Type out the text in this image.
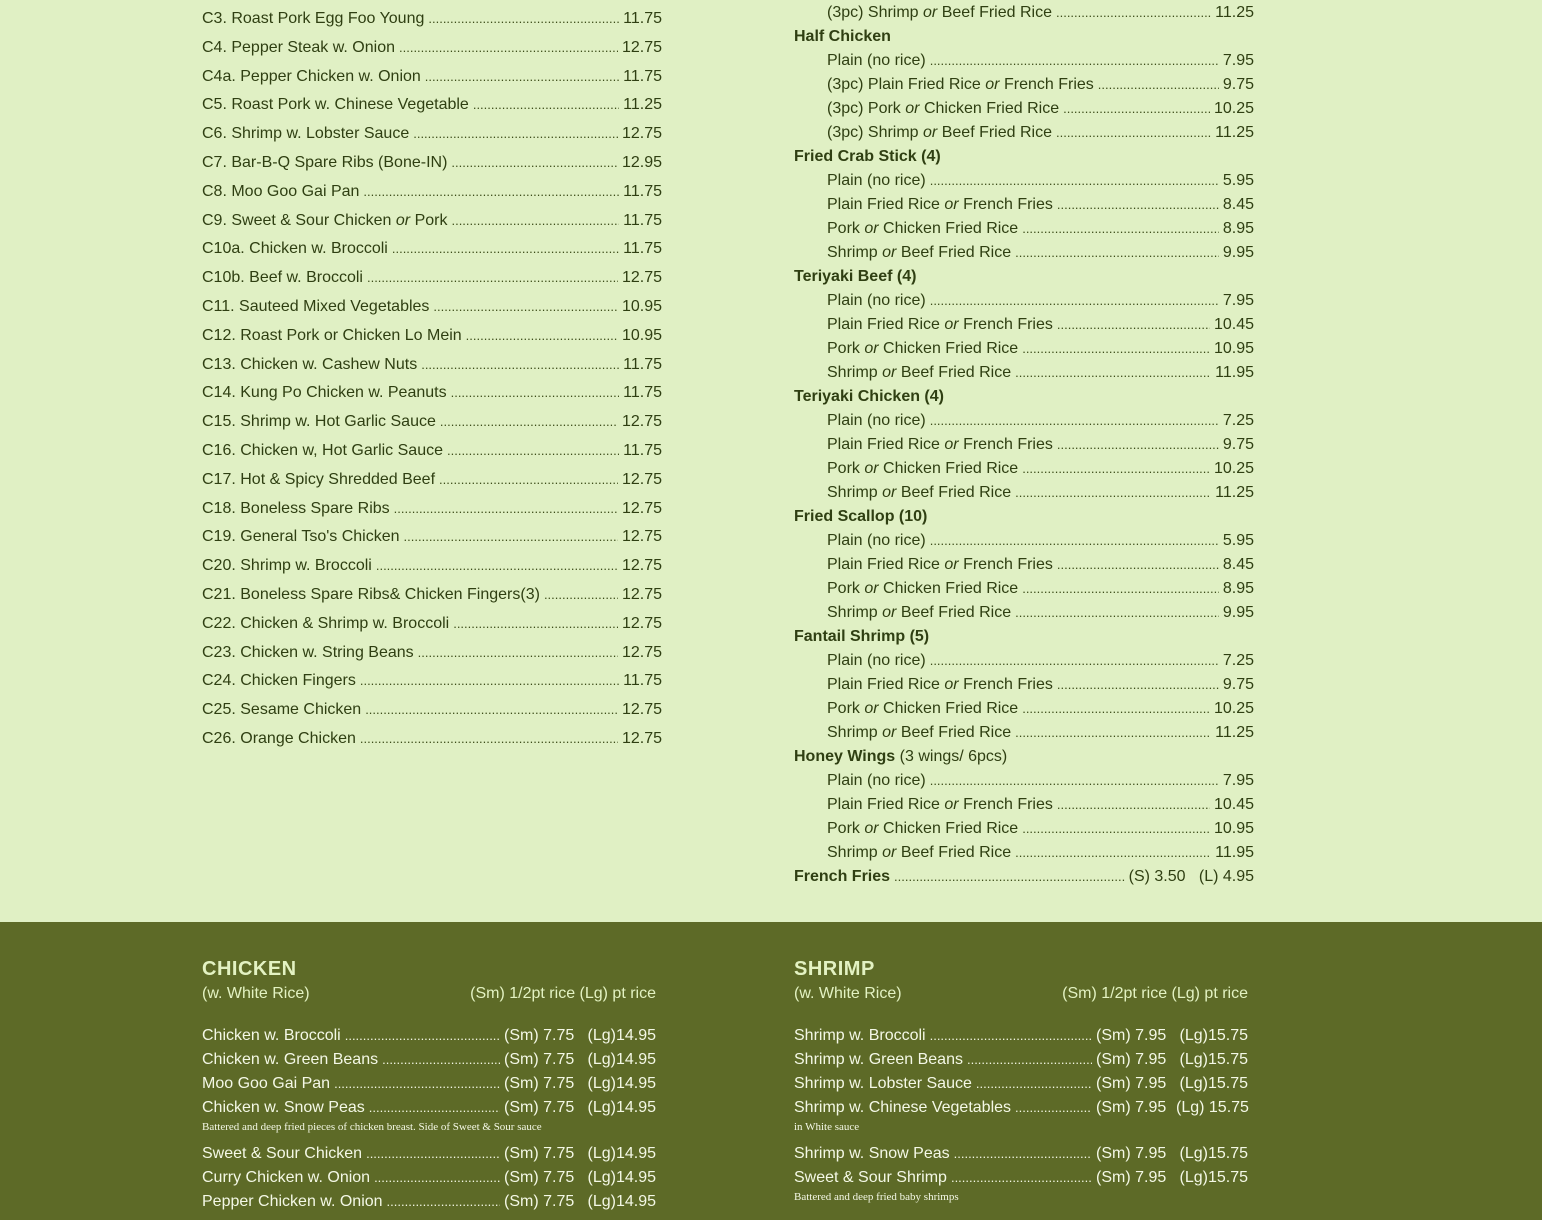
C3. Roast Pork Egg Foo Young .....	11.75
C4. Pepper Steak w. Onion .....	12.75
C4a. Pepper Chicken w. Onion .....	11.75
C5. Roast Pork w. Chinese Vegetable .....	11.25
C6. Shrimp w. Lobster Sauce .....	12.75
C7. Bar-B-Q Spare Ribs (Bone-IN) .....	12.95
C8. Moo Goo Gai Pan .....	11.75
C9. Sweet & Sour Chicken or Pork .....	11.75
C10a. Chicken w. Broccoli .....	11.75
C10b. Beef w. Broccoli .....	12.75
C11. Sauteed Mixed Vegetables .....	10.95
C12. Roast Pork or Chicken Lo Mein .....	10.95
C13. Chicken w. Cashew Nuts .....	11.75
C14. Kung Po Chicken w. Peanuts .....	11.75
C15. Shrimp w. Hot Garlic Sauce .....	12.75
C16. Chicken w, Hot Garlic Sauce .....	11.75
C17. Hot & Spicy Shredded Beef .....	12.75
C18. Boneless Spare Ribs .....	12.75
C19. General Tso's Chicken .....	12.75
C20. Shrimp w. Broccoli .....	12.75
C21. Boneless Spare Ribs& Chicken Fingers(3) .....	12.75
C22. Chicken & Shrimp w. Broccoli .....	12.75
C23. Chicken w. String Beans .....	12.75
C24. Chicken Fingers .....	11.75
C25. Sesame Chicken .....	12.75
C26. Orange Chicken .....	12.75
(3pc) Shrimp or Beef Fried Rice .....	11.25
Half Chicken
Plain (no rice) .....	7.95
(3pc) Plain Fried Rice or French Fries .....	9.75
(3pc) Pork or Chicken Fried Rice .....	10.25
(3pc) Shrimp or Beef Fried Rice .....	11.25
Fried Crab Stick (4)
Plain (no rice) .....	5.95
Plain Fried Rice or French Fries .....	8.45
Pork or Chicken Fried Rice .....	8.95
Shrimp or Beef Fried Rice .....	9.95
Teriyaki Beef (4)
Plain (no rice) .....	7.95
Plain Fried Rice or French Fries .....	10.45
Pork or Chicken Fried Rice .....	10.95
Shrimp or Beef Fried Rice .....	11.95
Teriyaki Chicken (4)
Plain (no rice) .....	7.25
Plain Fried Rice or French Fries .....	9.75
Pork or Chicken Fried Rice .....	10.25
Shrimp or Beef Fried Rice .....	11.25
Fried Scallop (10)
Plain (no rice) .....	5.95
Plain Fried Rice or French Fries .....	8.45
Pork or Chicken Fried Rice .....	8.95
Shrimp or Beef Fried Rice .....	9.95
Fantail Shrimp (5)
Plain (no rice) .....	7.25
Plain Fried Rice or French Fries .....	9.75
Pork or Chicken Fried Rice .....	10.25
Shrimp or Beef Fried Rice .....	11.25
Honey Wings
(3 wings/ 6pcs)
Plain (no rice) .....	7.95
Plain Fried Rice or French Fries .....	10.45
Pork or Chicken Fried Rice .....	10.95
Shrimp or Beef Fried Rice .....	11.95
French Fries .....	(S) 3.50   (L) 4.95
CHICKEN
(w. White Rice)	(Sm) 1/2pt rice (Lg) pt rice
Chicken w. Broccoli .....	(Sm) 7.75 (Lg)14.95
Chicken w. Green Beans .....	(Sm) 7.75 (Lg)14.95
Moo Goo Gai Pan .....	(Sm) 7.75 (Lg)14.95
Chicken w. Snow Peas .....	(Sm) 7.75 (Lg)14.95
Battered and deep fried pieces of chicken breast. Side of Sweet & Sour sauce
Sweet & Sour Chicken .....	(Sm) 7.75 (Lg)14.95
Curry Chicken w. Onion .....	(Sm) 7.75 (Lg)14.95
Pepper Chicken w. Onion .....	(Sm) 7.75 (Lg)14.95
SHRIMP
(w. White Rice)	(Sm) 1/2pt rice (Lg) pt rice
Shrimp w. Broccoli .....	(Sm) 7.95 (Lg)15.75
Shrimp w. Green Beans .....	(Sm) 7.95 (Lg)15.75
Shrimp w. Lobster Sauce .....	(Sm) 7.95 (Lg)15.75
Shrimp w. Chinese Vegetables .....	(Sm) 7.95 (Lg) 15.75
in White sauce
Shrimp w. Snow Peas .....	(Sm) 7.95 (Lg)15.75
Sweet & Sour Shrimp .....	(Sm) 7.95 (Lg)15.75
Battered and deep fried baby shrimps
